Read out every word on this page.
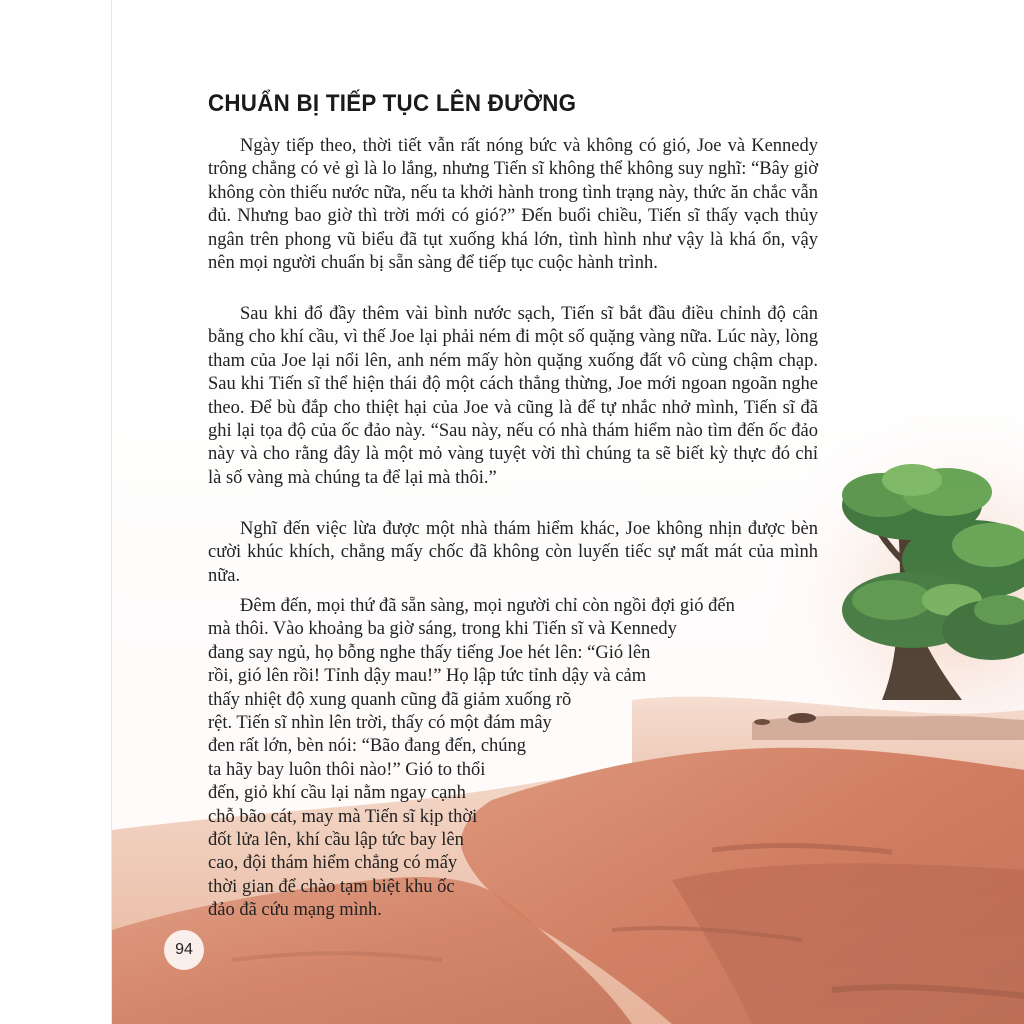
CHUẨN BỊ TIẾP TỤC LÊN ĐƯỜNG

Ngày tiếp theo, thời tiết vẫn rất nóng bức và không có gió, Joe và Kennedy trông chẳng có vẻ gì là lo lắng, nhưng Tiến sĩ không thể không suy nghĩ: “Bây giờ không còn thiếu nước nữa, nếu ta khởi hành trong tình trạng này, thức ăn chắc vẫn đủ. Nhưng bao giờ thì trời mới có gió?” Đến buổi chiều, Tiến sĩ thấy vạch thủy ngân trên phong vũ biểu đã tụt xuống khá lớn, tình hình như vậy là khá ổn, vậy nên mọi người chuẩn bị sẵn sàng để tiếp tục cuộc hành trình.

Sau khi đổ đầy thêm vài bình nước sạch, Tiến sĩ bắt đầu điều chỉnh độ cân bằng cho khí cầu, vì thế Joe lại phải ném đi một số quặng vàng nữa. Lúc này, lòng tham của Joe lại nổi lên, anh ném mấy hòn quặng xuống đất vô cùng chậm chạp. Sau khi Tiến sĩ thể hiện thái độ một cách thẳng thừng, Joe mới ngoan ngoãn nghe theo. Để bù đắp cho thiệt hại của Joe và cũng là để tự nhắc nhở mình, Tiến sĩ đã ghi lại tọa độ của ốc đảo này. “Sau này, nếu có nhà thám hiểm nào tìm đến ốc đảo này và cho rằng đây là một mỏ vàng tuyệt vời thì chúng ta sẽ biết kỳ thực đó chỉ là số vàng mà chúng ta để lại mà thôi.”

Nghĩ đến việc lừa được một nhà thám hiểm khác, Joe không nhịn được bèn cười khúc khích, chẳng mấy chốc đã không còn luyến tiếc sự mất mát của mình nữa.

Đêm đến, mọi thứ đã sẵn sàng, mọi người chỉ còn ngồi đợi gió đến
mà thôi. Vào khoảng ba giờ sáng, trong khi Tiến sĩ và Kennedy
đang say ngủ, họ bỗng nghe thấy tiếng Joe hét lên: “Gió lên
rồi, gió lên rồi! Tỉnh dậy mau!” Họ lập tức tỉnh dậy và cảm
thấy nhiệt độ xung quanh cũng đã giảm xuống rõ
rệt. Tiến sĩ nhìn lên trời, thấy có một đám mây
đen rất lớn, bèn nói: “Bão đang đến, chúng
ta hãy bay luôn thôi nào!” Gió to thổi
đến, giỏ khí cầu lại nằm ngay cạnh
chỗ bão cát, may mà Tiến sĩ kịp thời
đốt lửa lên, khí cầu lập tức bay lên
cao, đội thám hiểm chẳng có mấy
thời gian để chào tạm biệt khu ốc
đảo đã cứu mạng mình.
94
